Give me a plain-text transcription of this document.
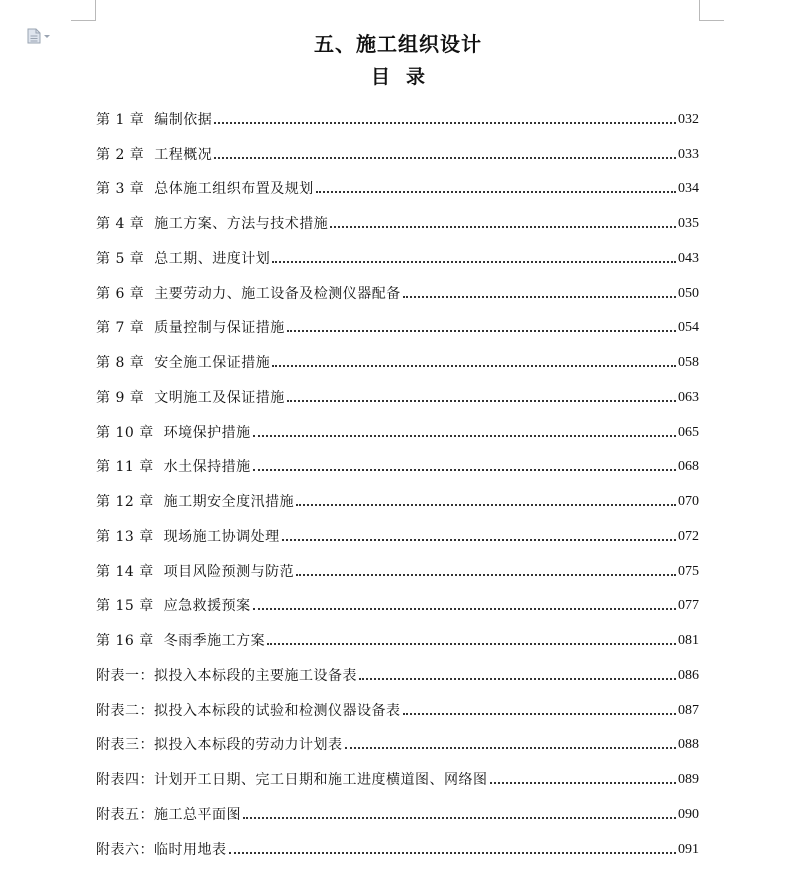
五、施工组织设计
目录
第 1 章  编制依据	032
第 2 章  工程概况	033
第 3 章  总体施工组织布置及规划	034
第 4 章  施工方案、方法与技术措施	035
第 5 章  总工期、进度计划	043
第 6 章  主要劳动力、施工设备及检测仪器配备	050
第 7 章  质量控制与保证措施	054
第 8 章  安全施工保证措施	058
第 9 章  文明施工及保证措施	063
第 10 章  环境保护措施	065
第 11 章  水土保持措施	068
第 12 章  施工期安全度汛措施	070
第 13 章  现场施工协调处理	072
第 14 章  项目风险预测与防范	075
第 15 章  应急救援预案	077
第 16 章  冬雨季施工方案	081
附表一：拟投入本标段的主要施工设备表	086
附表二：拟投入本标段的试验和检测仪器设备表	087
附表三：拟投入本标段的劳动力计划表	088
附表四：计划开工日期、完工日期和施工进度横道图、网络图	089
附表五：施工总平面图	090
附表六：临时用地表	091
